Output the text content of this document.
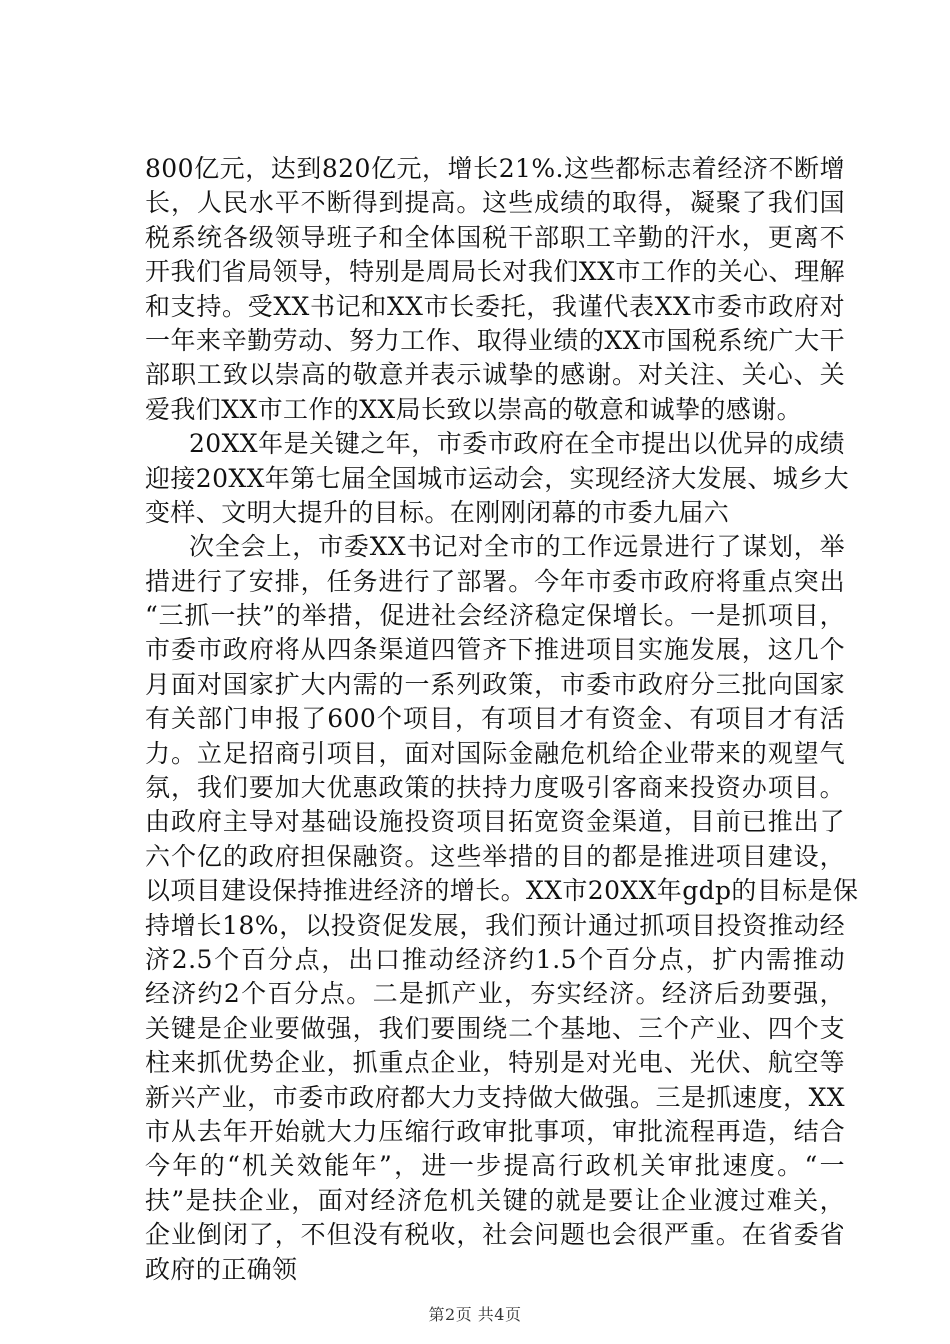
800亿元，达到820亿元，增长21%.这些都标志着经济不断增
长，人民水平不断得到提高。这些成绩的取得，凝聚了我们国
税系统各级领导班子和全体国税干部职工辛勤的汗水，更离不
开我们省局领导，特别是周局长对我们XX市工作的关心、理解
和支持。受XX书记和XX市长委托，我谨代表XX市委市政府对
一年来辛勤劳动、努力工作、取得业绩的XX市国税系统广大干
部职工致以崇高的敬意并表示诚挚的感谢。对关注、关心、关
爱我们XX市工作的XX局长致以崇高的敬意和诚挚的感谢。
20XX年是关键之年，市委市政府在全市提出以优异的成绩
迎接20XX年第七届全国城市运动会，实现经济大发展、城乡大
变样、文明大提升的目标。在刚刚闭幕的市委九届六
次全会上，市委XX书记对全市的工作远景进行了谋划，举
措进行了安排，任务进行了部署。今年市委市政府将重点突出
“三抓一扶”的举措，促进社会经济稳定保增长。一是抓项目，
市委市政府将从四条渠道四管齐下推进项目实施发展，这几个
月面对国家扩大内需的一系列政策，市委市政府分三批向国家
有关部门申报了600个项目，有项目才有资金、有项目才有活
力。立足招商引项目，面对国际金融危机给企业带来的观望气
氛，我们要加大优惠政策的扶持力度吸引客商来投资办项目。
由政府主导对基础设施投资项目拓宽资金渠道，目前已推出了
六个亿的政府担保融资。这些举措的目的都是推进项目建设，
以项目建设保持推进经济的增长。XX市20XX年gdp的目标是保
持增长18%，以投资促发展，我们预计通过抓项目投资推动经
济2.5个百分点，出口推动经济约1.5个百分点，扩内需推动
经济约2个百分点。二是抓产业，夯实经济。经济后劲要强，
关键是企业要做强，我们要围绕二个基地、三个产业、四个支
柱来抓优势企业，抓重点企业，特别是对光电、光伏、航空等
新兴产业，市委市政府都大力支持做大做强。三是抓速度，XX
市从去年开始就大力压缩行政审批事项，审批流程再造，结合
今年的“机关效能年”，进一步提高行政机关审批速度。“一
扶”是扶企业，面对经济危机关键的就是要让企业渡过难关，
企业倒闭了，不但没有税收，社会问题也会很严重。在省委省
政府的正确领
第2页 共4页
